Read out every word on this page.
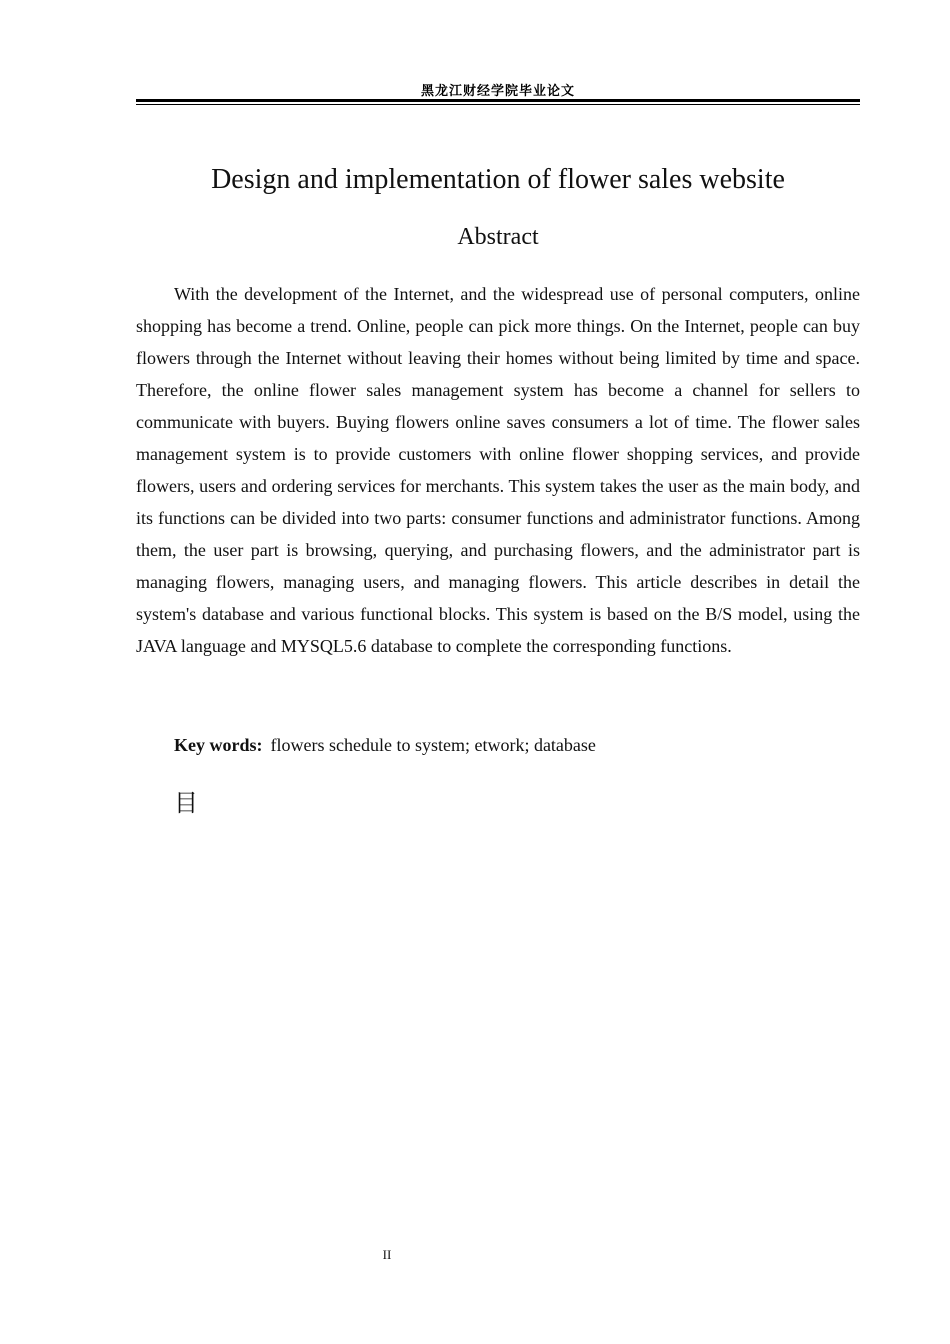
黑龙江财经学院毕业论文
Design and implementation of flower sales website
Abstract

With the development of the Internet, and the widespread use of personal computers, online shopping has become a trend. Online, people can pick more things. On the Internet, people can buy flowers through the Internet without leaving their homes without being limited by time and space. Therefore, the online flower sales management system has become a channel for sellers to communicate with buyers. Buying flowers online saves consumers a lot of time. The flower sales management system is to provide customers with online flower shopping services, and provide flowers, users and ordering services for merchants. This system takes the user as the main body, and its functions can be divided into two parts: consumer functions and administrator functions. Among them, the user part is browsing, querying, and purchasing flowers, and the administrator part is managing flowers, managing users, and managing flowers. This article describes in detail the system's database and various functional blocks. This system is based on the B/S model, using the JAVA language and MYSQL5.6 database to complete the corresponding functions.

Key words: flowers schedule to system; etwork; database
目
II
